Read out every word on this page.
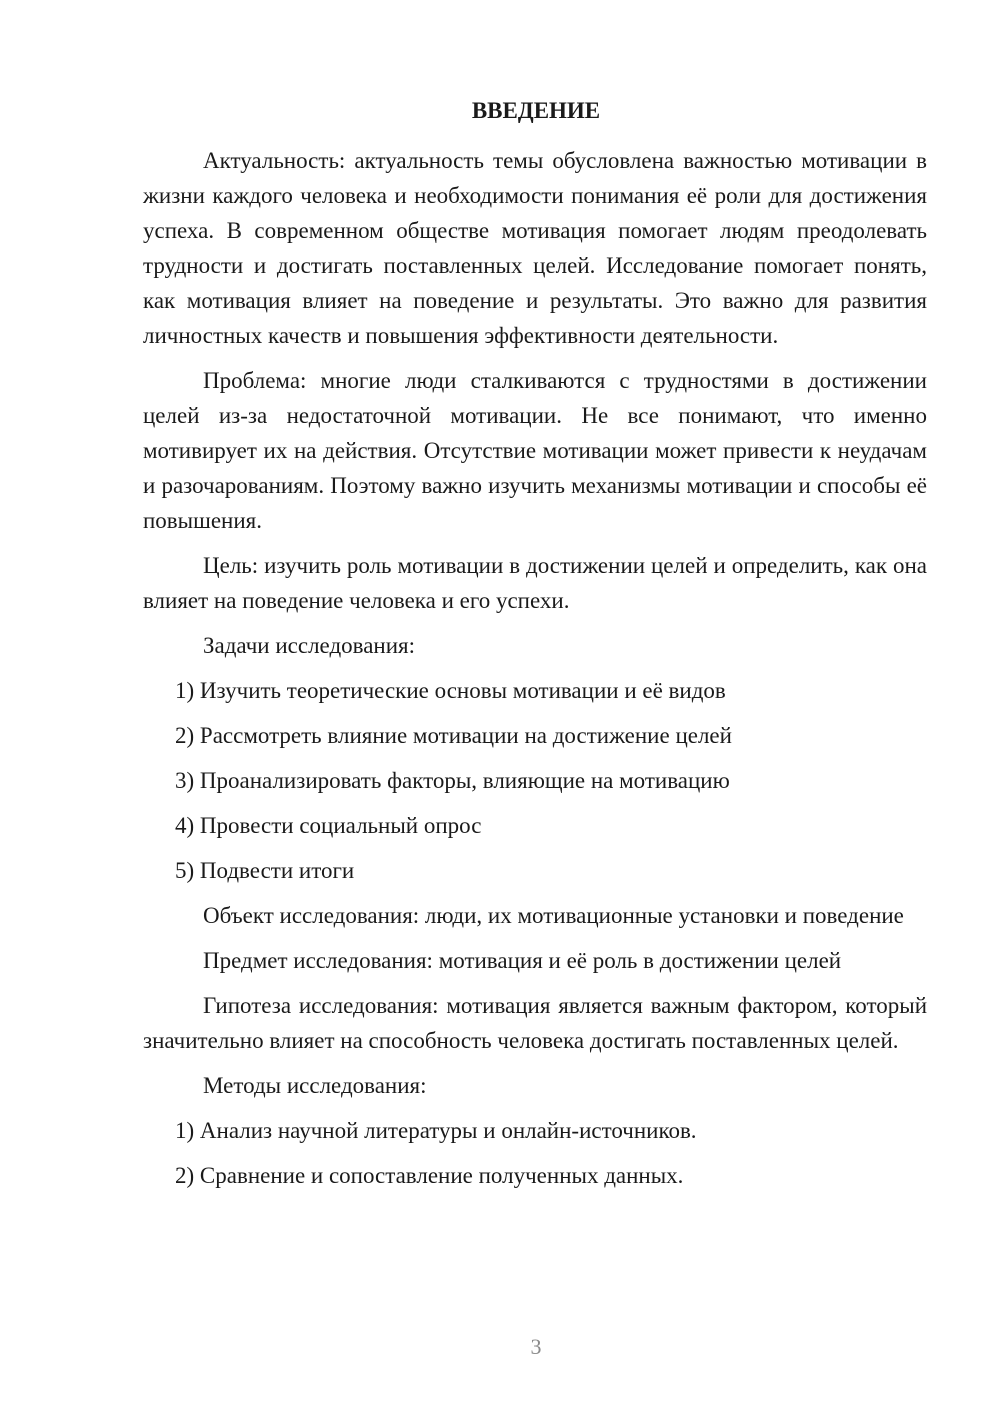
ВВЕДЕНИЕ

Актуальность: актуальность темы обусловлена важностью мотивации в жизни каждого человека и необходимости понимания её роли для достижения успеха. В современном обществе мотивация помогает людям преодолевать трудности и достигать поставленных целей. Исследование помогает понять, как мотивация влияет на поведение и результаты. Это важно для развития личностных качеств и повышения эффективности деятельности.

Проблема: многие люди сталкиваются с трудностями в достижении целей из-за недостаточной мотивации. Не все понимают, что именно мотивирует их на действия. Отсутствие мотивации может привести к неудачам и разочарованиям. Поэтому важно изучить механизмы мотивации и способы её повышения.

Цель: изучить роль мотивации в достижении целей и определить, как она влияет на поведение человека и его успехи.

Задачи исследования:

1) Изучить теоретические основы мотивации и её видов

2) Рассмотреть влияние мотивации на достижение целей

3) Проанализировать факторы, влияющие на мотивацию

4) Провести социальный опрос

5) Подвести итоги

Объект исследования: люди, их мотивационные установки и поведение

Предмет исследования: мотивация и её роль в достижении целей

Гипотеза исследования: мотивация является важным фактором, который значительно влияет на способность человека достигать поставленных целей.

Методы исследования:

1) Анализ научной литературы и онлайн-источников.

2) Сравнение и сопоставление полученных данных.

3
